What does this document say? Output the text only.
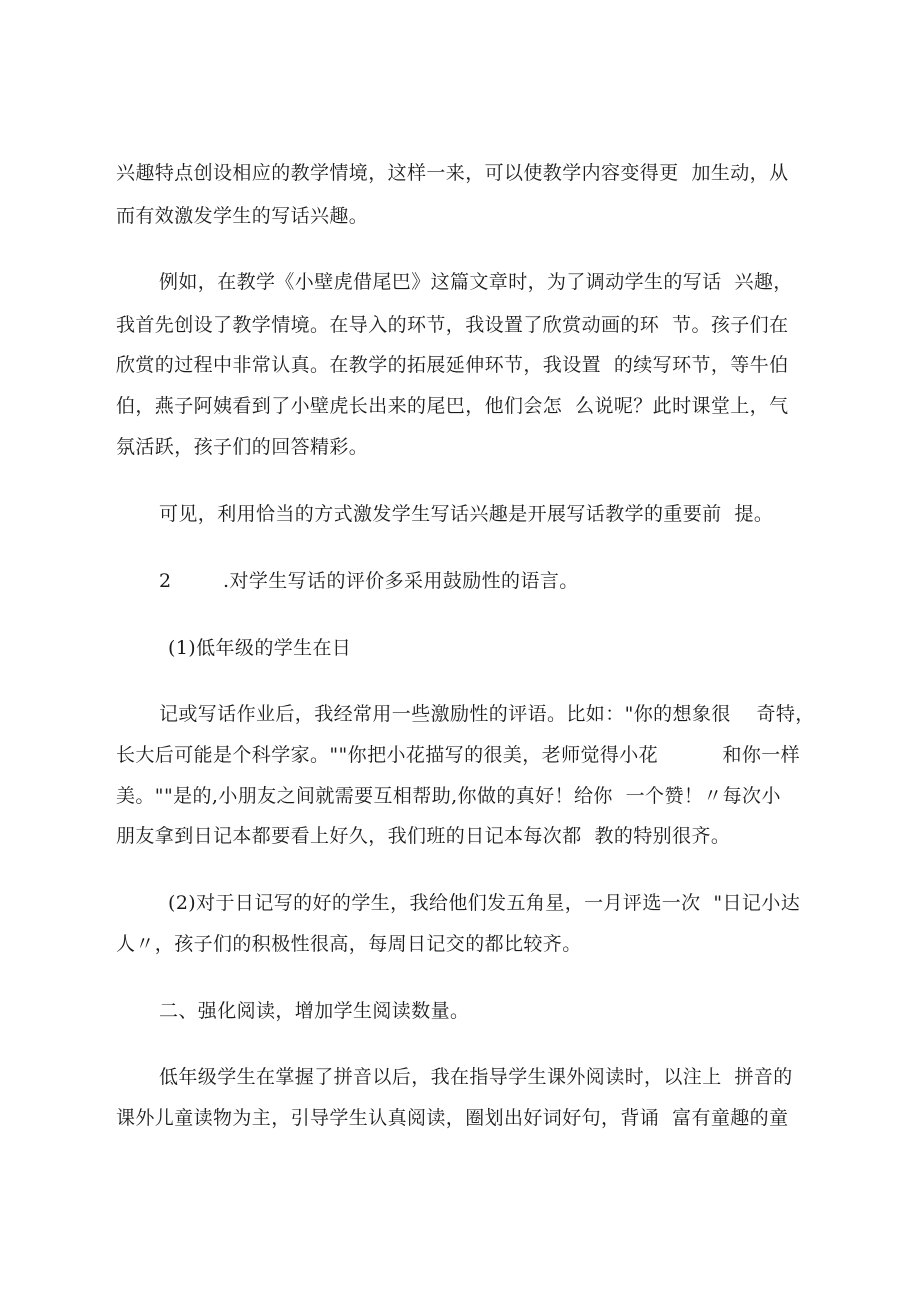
兴趣特点创设相应的教学情境，这样一来，可以使教学内容变得更  加生动，从
而有效激发学生的写话兴趣。
例如，在教学《小壁虎借尾巴》这篇文章时，为了调动学生的写话  兴趣，
我首先创设了教学情境。在导入的环节，我设置了欣赏动画的环  节。孩子们在
欣赏的过程中非常认真。在教学的拓展延伸环节，我设置  的续写环节，等牛伯
伯，燕子阿姨看到了小壁虎长出来的尾巴，他们会怎  么说呢？此时课堂上，气
氛活跃，孩子们的回答精彩。
可见，利用恰当的方式激发学生写话兴趣是开展写话教学的重要前  提。
2        .对学生写话的评价多采用鼓励性的语言。
(1)低年级的学生在日
记或写话作业后，我经常用一些激励性的评语。比如："你的想象很    奇特，
长大后可能是个科学家。""你把小花描写的很美，老师觉得小花          和你一样
美。""是的,小朋友之间就需要互相帮助,你做的真好！给你  一个赞！〃每次小
朋友拿到日记本都要看上好久，我们班的日记本每次都  教的特别很齐。
(2)对于日记写的好的学生，我给他们发五角星，一月评选一次  "日记小达
人〃，孩子们的积极性很高，每周日记交的都比较齐。
二、强化阅读，增加学生阅读数量。
低年级学生在掌握了拼音以后，我在指导学生课外阅读时，以注上  拼音的
课外儿童读物为主，引导学生认真阅读，圈划出好词好句，背诵  富有童趣的童
